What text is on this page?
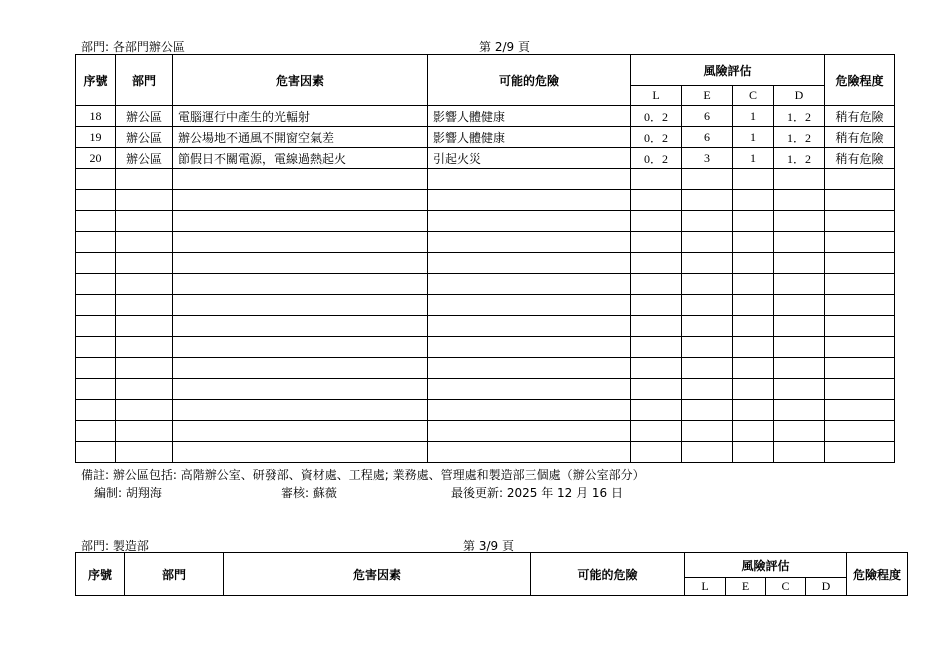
部門: 各部門辦公區	第 2/9 頁
序號	部門	危害因素	可能的危險	風險評估				危險程度
				L	E	C	D	
18	辦公區	電腦運行中產生的光輻射	影響人體健康	0．2	6	1	1．2	稍有危險
19	辦公區	辦公場地不通風不開窗空氣差	影響人體健康	0．2	6	1	1．2	稍有危險
20	辦公區	節假日不關電源，電線過熱起火	引起火災	0．2	3	1	1．2	稍有危險

備註: 辦公區包括: 高階辦公室、研發部、資材處、工程處; 業務處、管理處和製造部三個處（辦公室部分）
編制: 胡翔海	審核: 蘇薇	最後更新: 2025 年 12 月 16 日
部門: 製造部	第 3/9 頁
序號	部門	危害因素	可能的危險	風險評估				危險程度
				L	E	C	D	
